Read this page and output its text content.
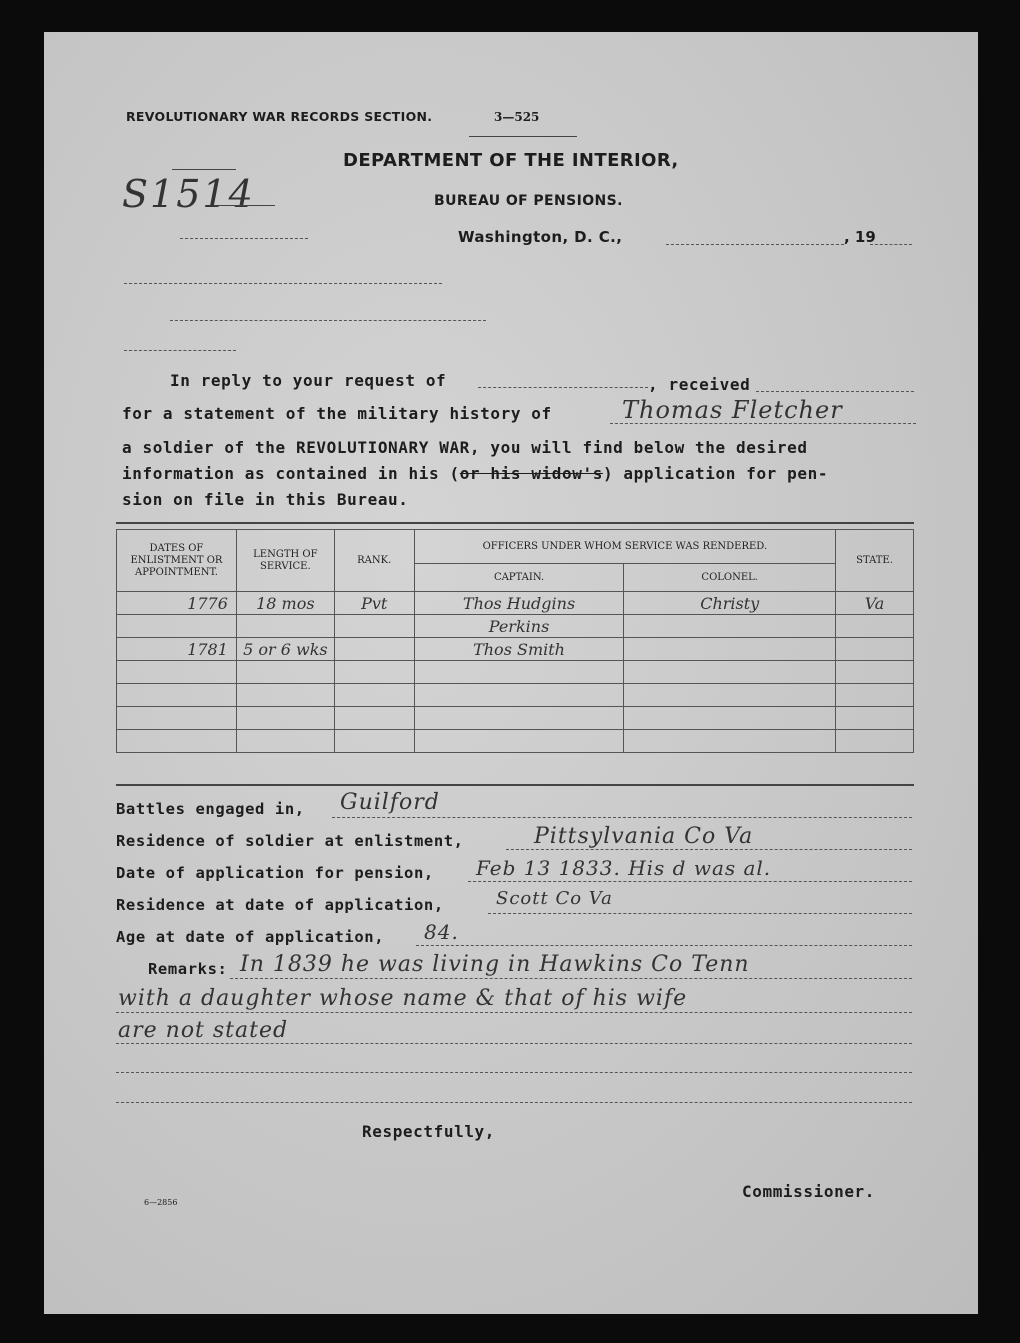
REVOLUTIONARY WAR RECORDS SECTION.	3—525
S1514
DEPARTMENT OF THE INTERIOR,
BUREAU OF PENSIONS.
Washington, D. C.,	, 19
In reply to your request of	, received
for a statement of the military history of	Thomas Fletcher
a soldier of the REVOLUTIONARY WAR, you will find below the desired
information as contained in his (or his widow's) application for pen-
sion on file in this Bureau.
DATES OF ENLISTMENT OR APPOINTMENT.	LENGTH OF SERVICE.	RANK.	OFFICERS UNDER WHOM SERVICE WAS RENDERED.		STATE.
			CAPTAIN.	COLONEL.	
1776	18 mos	Pvt	Thos Hudgins	Christy	Va
			Perkins		
1781	5 or 6 wks		Thos Smith		

Battles engaged in, Guilford
Residence of soldier at enlistment,	Pittsylvania Co Va
Date of application for pension, Feb 13 1833. His d was al.
Residence at date of application,	Scott Co Va
Age at date of application, 84.
Remarks: In 1839 he was living in Hawkins Co Tenn
with a daughter whose name & that of his wife
are not stated
Respectfully,
Commissioner.
6—2856
